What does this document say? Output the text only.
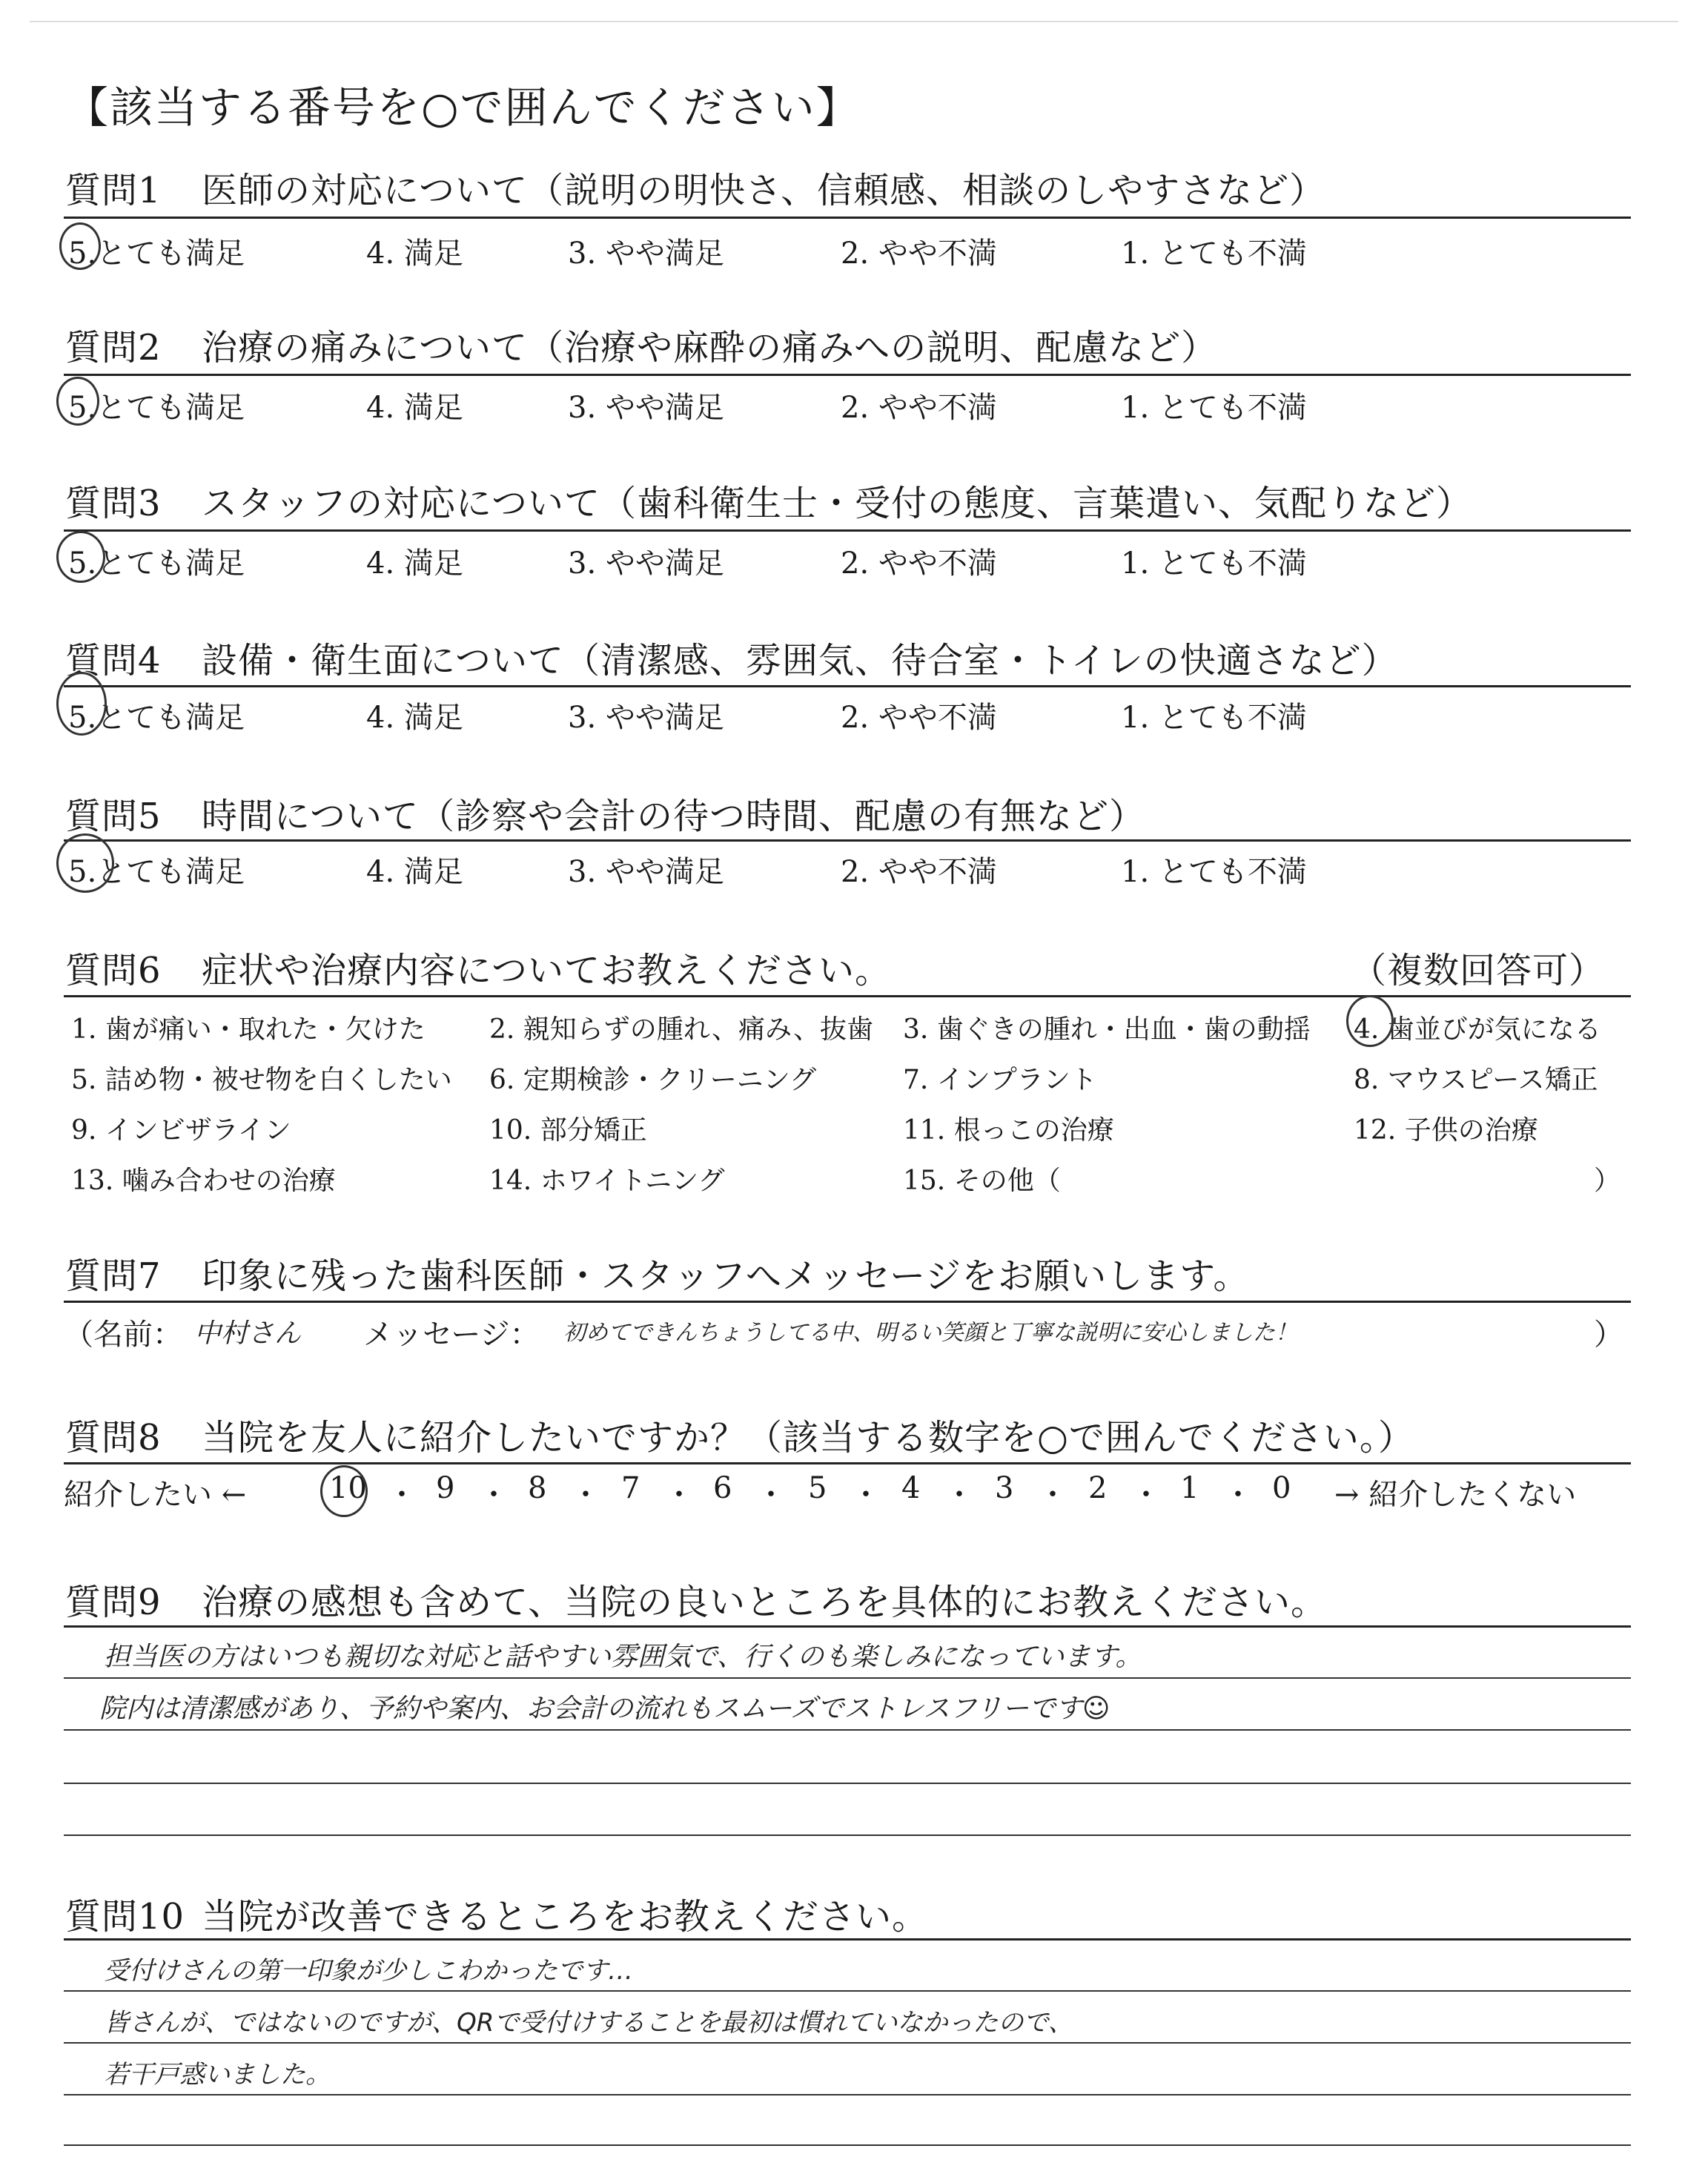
【該当する番号を○で囲んでください】
質問1 医師の対応について（説明の明快さ、信頼感、相談のしやすさなど）
5.とても満足	4. 満足	3. やや満足	2. やや不満	1. とても不満
質問2 治療の痛みについて（治療や麻酔の痛みへの説明、配慮など）
5.とても満足	4. 満足	3. やや満足	2. やや不満	1. とても不満
質問3 スタッフの対応について（歯科衛生士・受付の態度、言葉遣い、気配りなど）
5.とても満足	4. 満足	3. やや満足	2. やや不満	1. とても不満
質問4 設備・衛生面について（清潔感、雰囲気、待合室・トイレの快適さなど）
5.とても満足	4. 満足	3. やや満足	2. やや不満	1. とても不満
質問5 時間について（診察や会計の待つ時間、配慮の有無など）
5.とても満足	4. 満足	3. やや満足	2. やや不満	1. とても不満
質問6 症状や治療内容についてお教えください。	（複数回答可）
1. 歯が痛い・取れた・欠けた 2. 親知らずの腫れ、痛み、抜歯 3. 歯ぐきの腫れ・出血・歯の動揺 4. 歯並びが気になる
5. 詰め物・被せ物を白くしたい 6. 定期検診・クリーニング	7. インプラント	8. マウスピース矯正
9. インビザライン	10. 部分矯正	11. 根っこの治療	12. 子供の治療
13. 噛み合わせの治療	14. ホワイトニング	15. その他（	）
質問7 印象に残った歯科医師・スタッフへメッセージをお願いします。
（名前： 中村さん メッセージ： 初めてできんちょうしてる中、明るい笑顔と丁寧な説明に安心しました！	）
質問8 当院を友人に紹介したいですか？（該当する数字を○で囲んでください。）
紹介したい ←	10 ・ 9 ・ 8 ・ 7 ・ 6 ・ 5 ・ 4 ・ 3 ・ 2 ・ 1 ・ 0 → 紹介したくない
質問9 治療の感想も含めて、当院の良いところを具体的にお教えください。
担当医の方はいつも親切な対応と話やすい雰囲気で、行くのも楽しみになっています。
院内は清潔感があり、予約や案内、お会計の流れもスムーズでストレスフリーです☺
質問10 当院が改善できるところをお教えください。
受付けさんの第一印象が少しこわかったです…
皆さんが、ではないのですが、QRで受付けすることを最初は慣れていなかったので、
若干戸惑いました。
